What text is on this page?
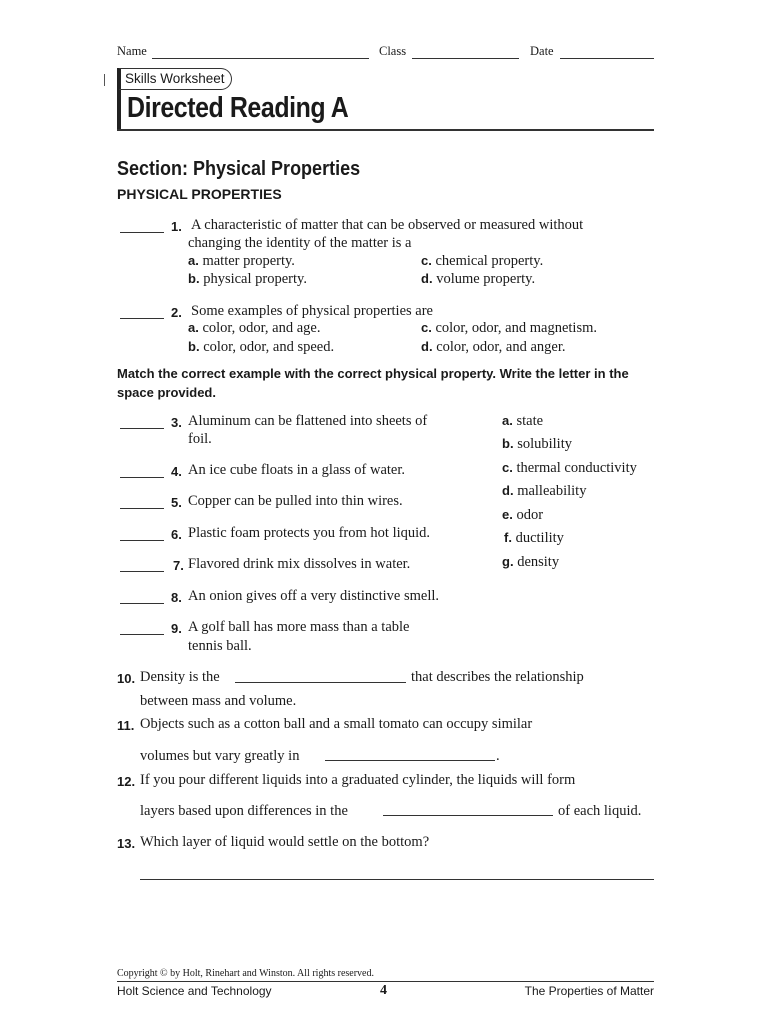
Name	Class	Date
Skills Worksheet
Directed Reading A
Section: Physical Properties
PHYSICAL PROPERTIES
1. A characteristic of matter that can be observed or measured without
changing the identity of the matter is a
a. matter property.
b. physical property.
c. chemical property.
d. volume property.
2. Some examples of physical properties are
a. color, odor, and age.
b. color, odor, and speed.
c. color, odor, and magnetism.
d. color, odor, and anger.
Match the correct example with the correct physical property. Write the letter in the space provided.
3. Aluminum can be flattened into sheets of
foil.
4. An ice cube floats in a glass of water.
5. Copper can be pulled into thin wires.
6. Plastic foam protects you from hot liquid.
7. Flavored drink mix dissolves in water.
8. An onion gives off a very distinctive smell.
9. A golf ball has more mass than a table
tennis ball.
a. state
b. solubility
c. thermal conductivity
d. malleability
e. odor
f. ductility
g. density
10. Density is the	that describes the relationship
between mass and volume.
11. Objects such as a cotton ball and a small tomato can occupy similar
volumes but vary greatly in	.
12. If you pour different liquids into a graduated cylinder, the liquids will form
layers based upon differences in the	of each liquid.
13. Which layer of liquid would settle on the bottom?
Copyright © by Holt, Rinehart and Winston. All rights reserved.
Holt Science and Technology	4	The Properties of Matter
